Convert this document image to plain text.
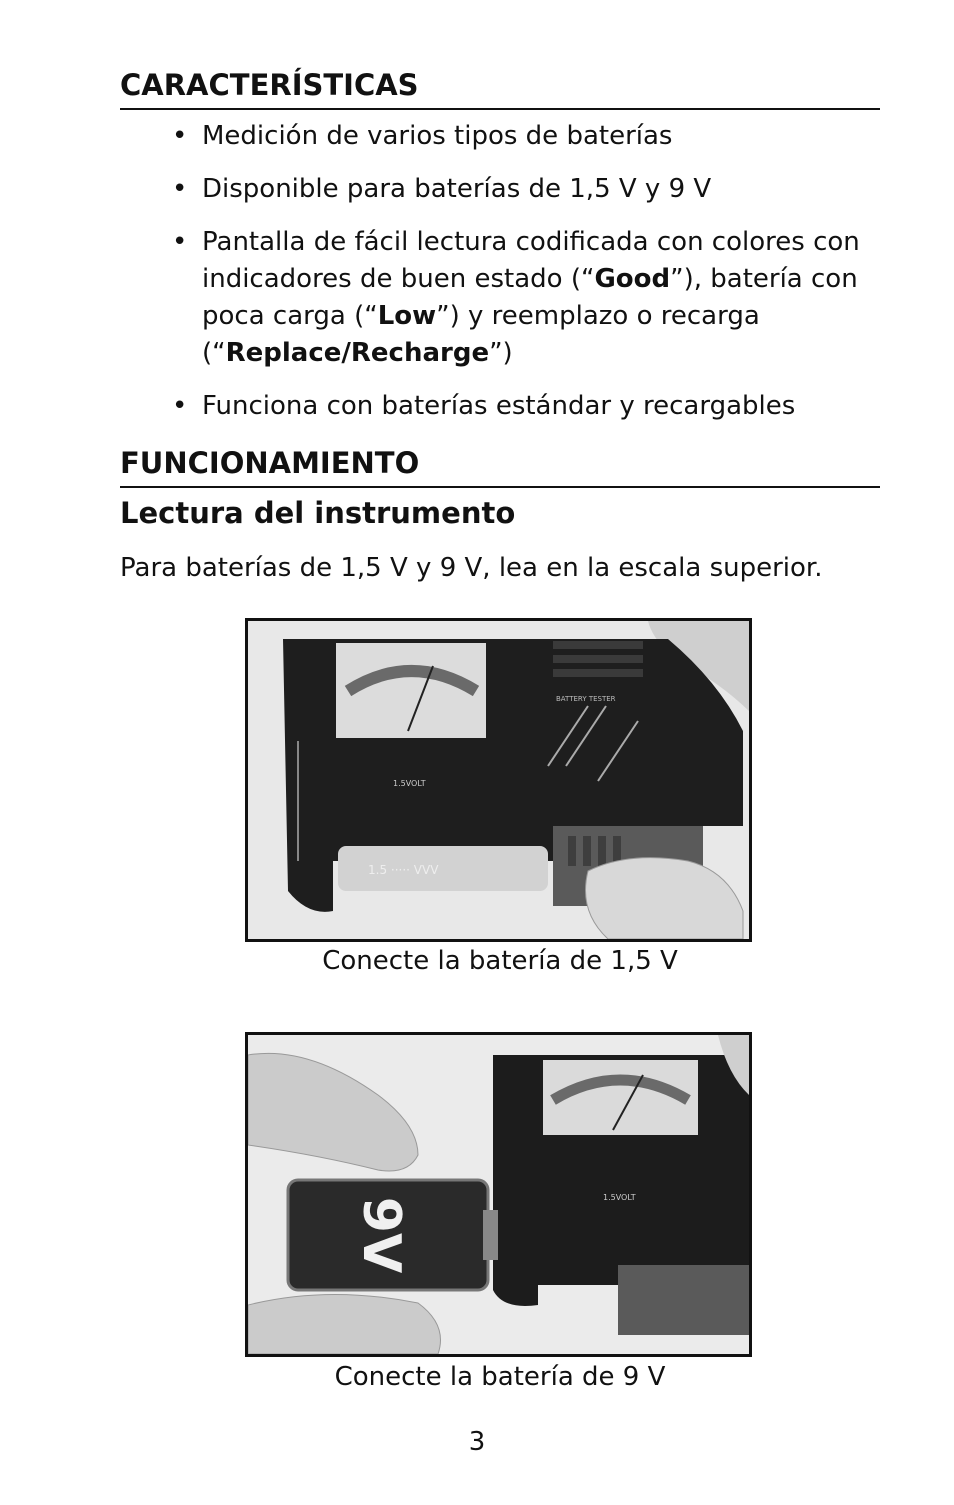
CARACTERÍSTICAS
• Medición de varios tipos de baterías
• Disponible para baterías de 1,5 V y 9 V
• Pantalla de fácil lectura codificada con colores con indicadores de buen estado (“Good”), batería con poca carga (“Low”) y reemplazo o recarga (“Replace/Recharge”)
• Funciona con baterías estándar y recargables
FUNCIONAMIENTO
Lectura del instrumento

Para baterías de 1,5 V y 9 V, lea en la escala superior.

BATTERY TESTER
1.5VOLT
1.5 ····· VVV

Conecte la batería de 1,5 V

1.5VOLT
9V

Conecte la batería de 9 V

3
